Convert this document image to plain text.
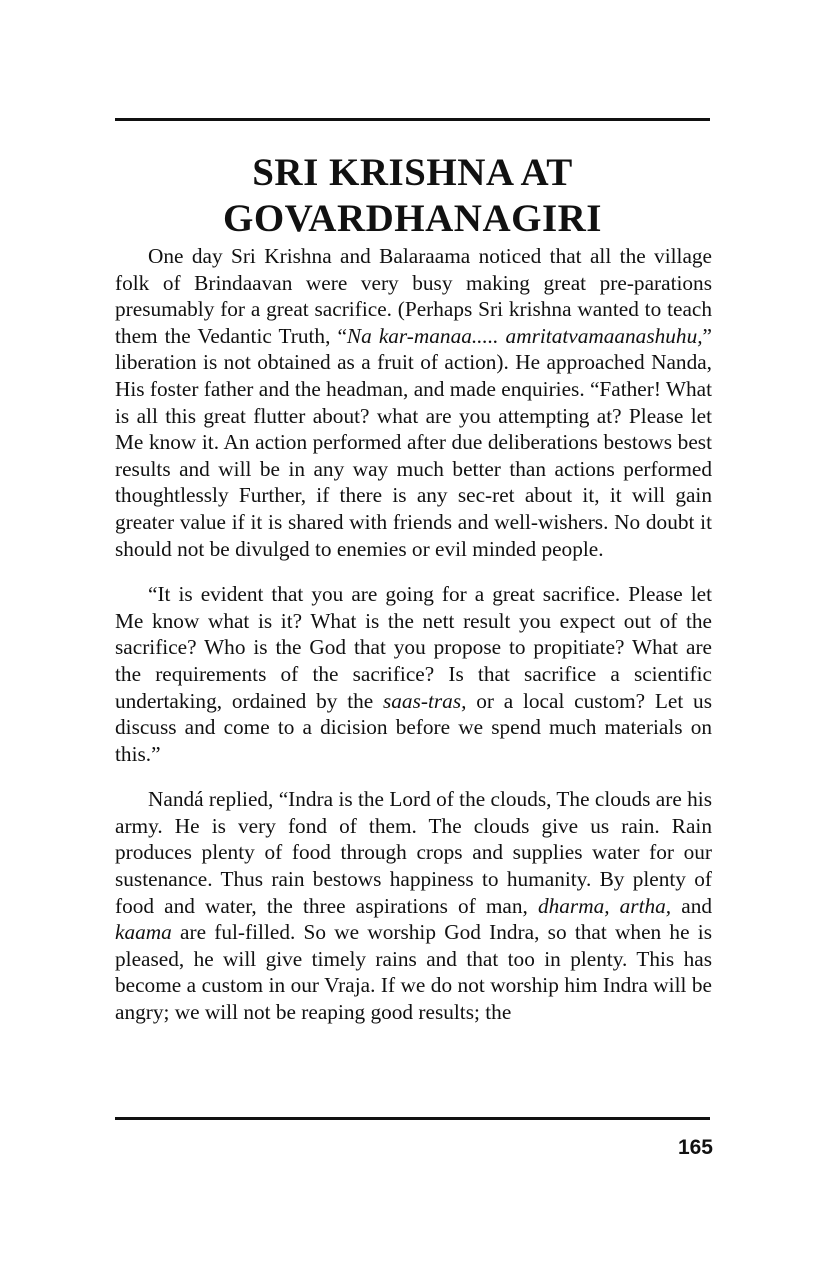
SRI KRISHNA AT
GOVARDHANAGIRI

One day Sri Krishna and Balaraama noticed that all the village folk of Brindaavan were very busy making great pre-parations presumably for a great sacrifice. (Perhaps Sri krishna wanted to teach them the Vedantic Truth, “Na kar-manaa..... amritatvamaanashuhu,” liberation is not obtained as a fruit of action). He approached Nanda, His foster father and the headman, and made enquiries. “Father! What is all this great flutter about? what are you attempting at? Please let Me know it. An action performed after due deliberations bestows best results and will be in any way much better than actions performed thoughtlessly Further, if there is any sec-ret about it, it will gain greater value if it is shared with friends and well-wishers. No doubt it should not be divulged to enemies or evil minded people.

“It is evident that you are going for a great sacrifice. Please let Me know what is it? What is the nett result you expect out of the sacrifice? Who is the God that you propose to propitiate? What are the requirements of the sacrifice? Is that sacrifice a scientific undertaking, ordained by the saas-tras, or a local custom? Let us discuss and come to a dicision before we spend much materials on this.”

Nandá replied, “Indra is the Lord of the clouds, The clouds are his army. He is very fond of them. The clouds give us rain. Rain produces plenty of food through crops and supplies water for our sustenance. Thus rain bestows happiness to humanity. By plenty of food and water, the three aspirations of man, dharma, artha, and kaama are ful-filled. So we worship God Indra, so that when he is pleased, he will give timely rains and that too in plenty. This has become a custom in our Vraja. If we do not worship him Indra will be angry; we will not be reaping good results; the

165
